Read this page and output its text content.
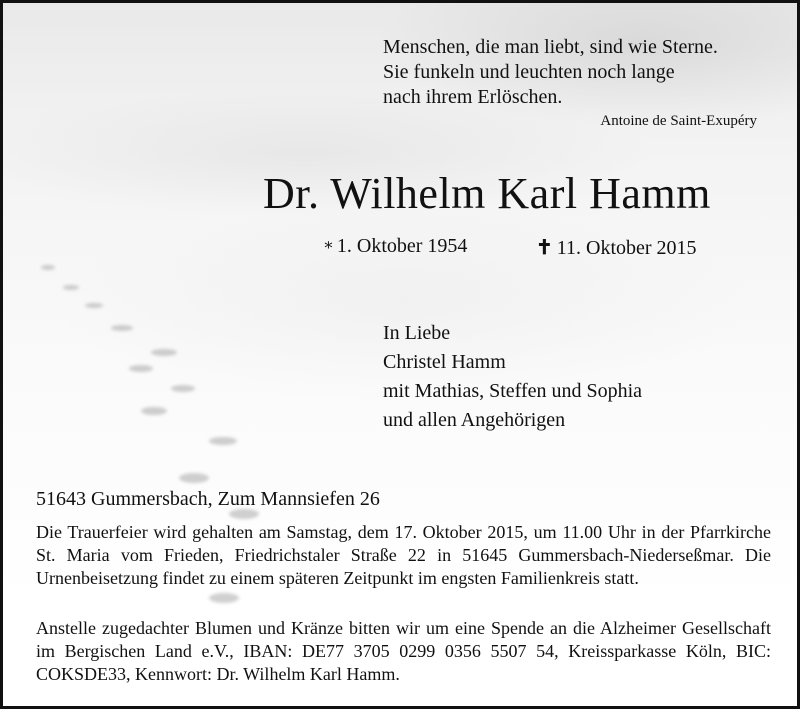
Menschen, die man liebt, sind wie Sterne.
Sie funkeln und leuchten noch lange
nach ihrem Erlöschen.
Antoine de Saint-Exupéry
Dr. Wilhelm Karl Hamm
∗ 1. Oktober 1954	✝ 11. Oktober 2015
In Liebe
Christel Hamm
mit Mathias, Steffen und Sophia
und allen Angehörigen
51643 Gummersbach, Zum Mannsiefen 26
Die Trauerfeier wird gehalten am Samstag, dem 17. Oktober 2015, um 11.00 Uhr in der Pfarrkirche St. Maria vom Frieden, Friedrichstaler Straße 22 in 51645 Gummersbach-Niederseßmar. Die Urnenbeisetzung findet zu einem späteren Zeitpunkt im engsten Familienkreis statt.
Anstelle zugedachter Blumen und Kränze bitten wir um eine Spende an die Alzheimer Gesellschaft im Bergischen Land e.V., IBAN: DE77 3705 0299 0356 5507 54, Kreissparkasse Köln, BIC: COKSDE33, Kennwort: Dr. Wilhelm Karl Hamm.
